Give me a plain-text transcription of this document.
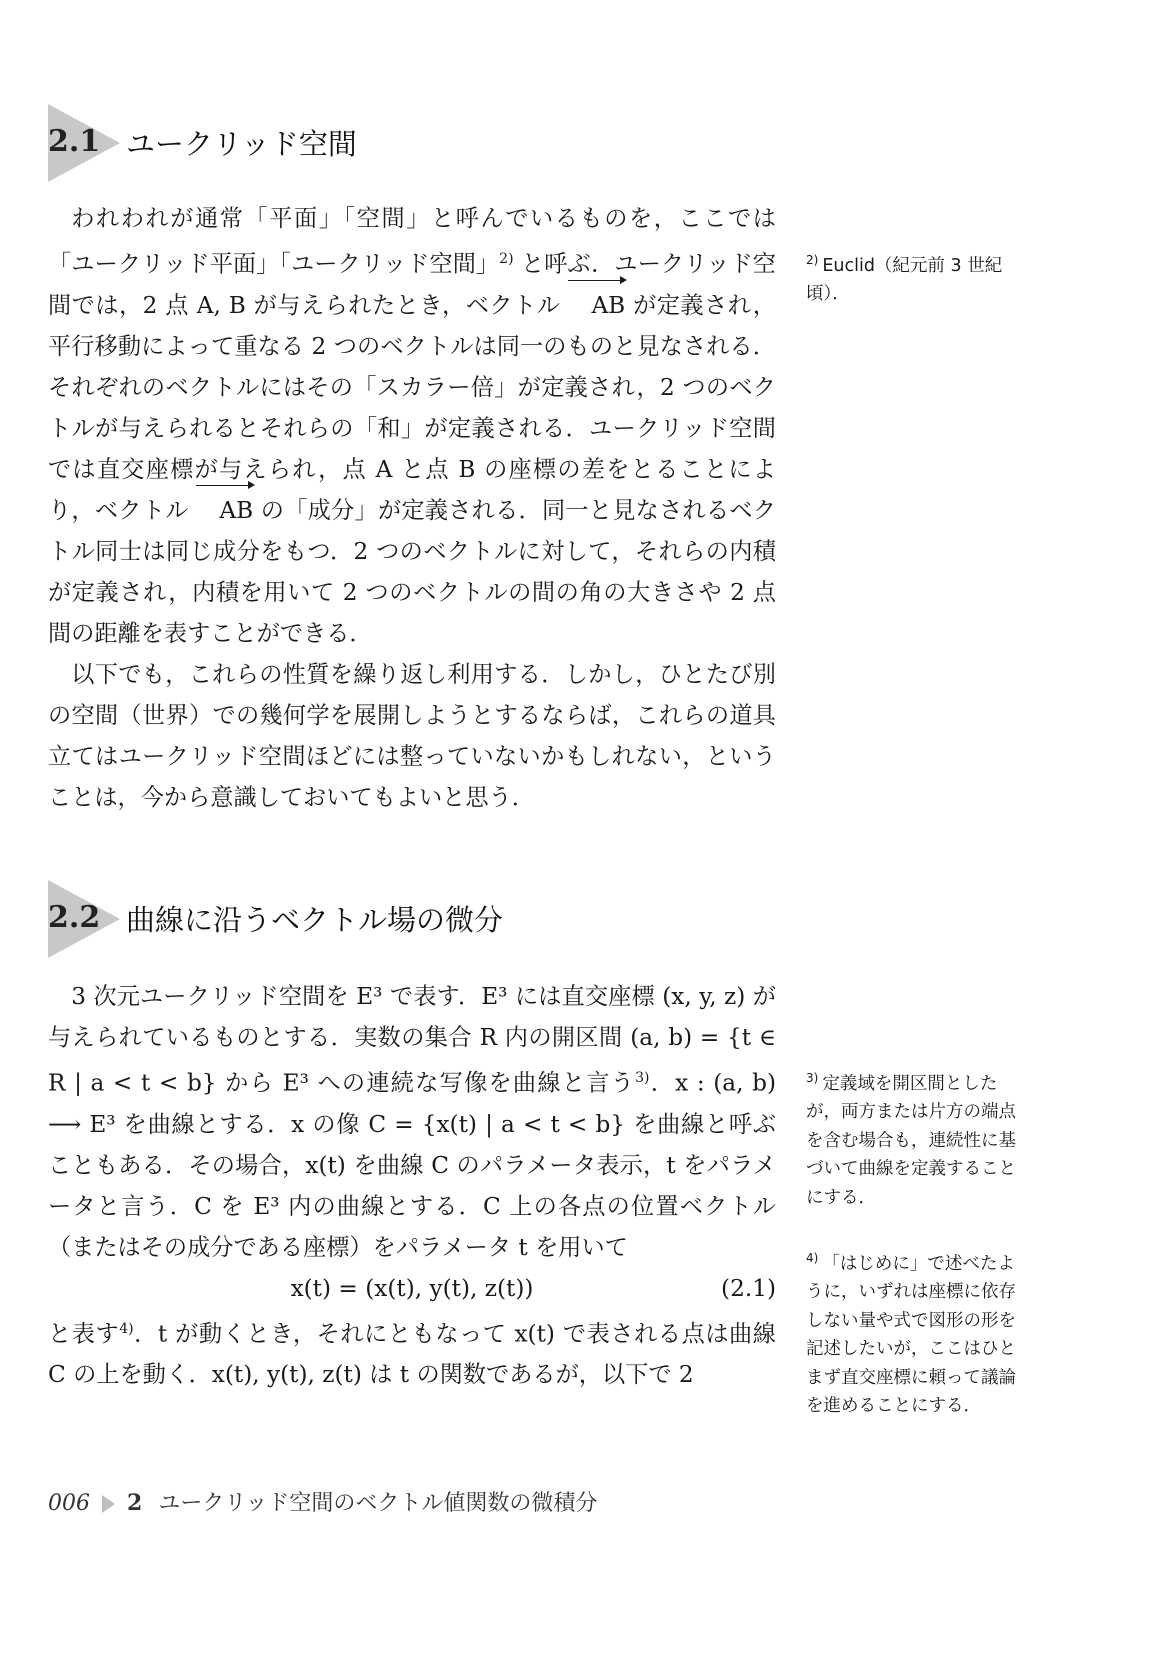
2.1 ユークリッド空間

われわれが通常「平面」「空間」と呼んでいるものを，ここでは「ユークリッド平面」「ユークリッド空間」$^{2)}$ と呼ぶ．ユークリッド空間では，2 点 A, B が与えられたとき，ベクトル AB が定義され，平行移動によって重なる 2 つのベクトルは同一のものと見なされる．それぞれのベクトルにはその「スカラー倍」が定義され，2 つのベクトルが与えられるとそれらの「和」が定義される．ユークリッド空間では直交座標が与えられ，点 A と点 B の座標の差をとることにより，ベクトル AB の「成分」が定義される．同一と見なされるベクトル同士は同じ成分をもつ．2 つのベクトルに対して，それらの内積が定義され，内積を用いて 2 つのベクトルの間の角の大きさや 2 点間の距離を表すことができる．

以下でも，これらの性質を繰り返し利用する．しかし，ひとたび別の空間（世界）での幾何学を展開しようとするならば，これらの道具立てはユークリッド空間ほどには整っていないかもしれない，ということは，今から意識しておいてもよいと思う．

$^{2)}$ Euclid（紀元前 3 世紀頃）．
2.2 曲線に沿うベクトル場の微分

3 次元ユークリッド空間を E³ で表す．E³ には直交座標 (x, y, z) が与えられているものとする．実数の集合 R 内の開区間 (a, b) = {t ∈ R | a < t < b} から E³ への連続な写像を曲線と言う$^{3)}$．x : (a, b) ⟶ E³ を曲線とする．x の像 C = {x(t) | a < t < b} を曲線と呼ぶこともある．その場合，x(t) を曲線 C のパラメータ表示，t をパラメータと言う．C を E³ 内の曲線とする．C 上の各点の位置ベクトル（またはその成分である座標）をパラメータ t を用いて

x(t) = (x(t), y(t), z(t))	(2.1)

と表す$^{4)}$．t が動くとき，それにともなって x(t) で表される点は曲線 C の上を動く．x(t), y(t), z(t) は t の関数であるが，以下で 2

$^{3)}$ 定義域を開区間としたが，両方または片方の端点を含む場合も，連続性に基づいて曲線を定義することにする．
$^{4)}$ 「はじめに」で述べたように，いずれは座標に依存しない量や式で図形の形を記述したいが，ここはひとまず直交座標に頼って議論を進めることにする．
006 2 ユークリッド空間のベクトル値関数の微積分
